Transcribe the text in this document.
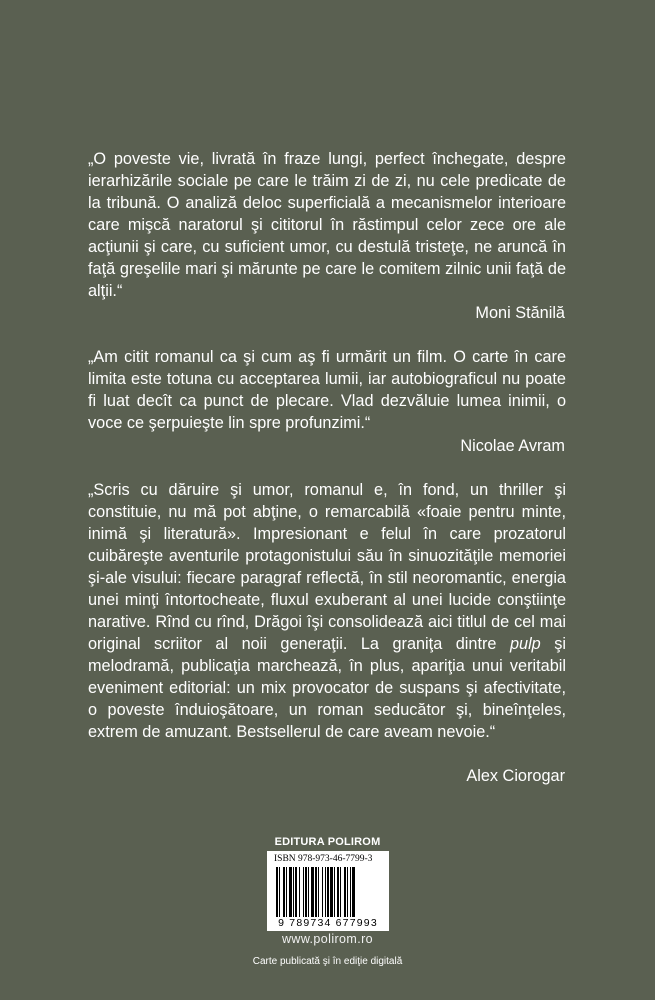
„O poveste vie, livrată în fraze lungi, perfect închegate, despre ierarhizările sociale pe care le trăim zi de zi, nu cele predicate de la tribună. O analiză deloc superficială a mecanismelor interioare care mişcă naratorul şi cititorul în răstimpul celor zece ore ale acţiunii şi care, cu suficient umor, cu destulă tristeţe, ne aruncă în faţă greşelile mari şi mărunte pe care le comitem zilnic unii faţă de alţii.“

Moni Stănilă

„Am citit romanul ca şi cum aş fi urmărit un film. O carte în care limita este totuna cu acceptarea lumii, iar autobiograficul nu poate fi luat decît ca punct de plecare. Vlad dezvăluie lumea inimii, o voce ce şerpuieşte lin spre profunzimi.“

Nicolae Avram

„Scris cu dăruire şi umor, romanul e, în fond, un thriller şi constituie, nu mă pot abţine, o remarcabilă «foaie pentru minte, inimă şi literatură». Impresionant e felul în care prozatorul cuibăreşte aventurile protagonistului său în sinuozităţile memoriei şi-ale visului: fiecare paragraf reflectă, în stil neoromantic, energia unei minţi întortocheate, fluxul exuberant al unei lucide conştiinţe narative. Rînd cu rînd, Drăgoi îşi consolidează aici titlul de cel mai original scriitor al noii generaţii. La graniţa dintre pulp şi melodramă, publicaţia marchează, în plus, apariţia unui veritabil eveniment editorial: un mix provocator de suspans şi afectivitate, o poveste înduioşătoare, un roman seducător şi, bineînţeles, extrem de amuzant. Bestsellerul de care aveam nevoie.“

Alex Ciorogar

EDITURA POLIROM
ISBN 978-973-46-7799-3
9 789734 677993
www.polirom.ro
Carte publicată şi în ediţie digitală
